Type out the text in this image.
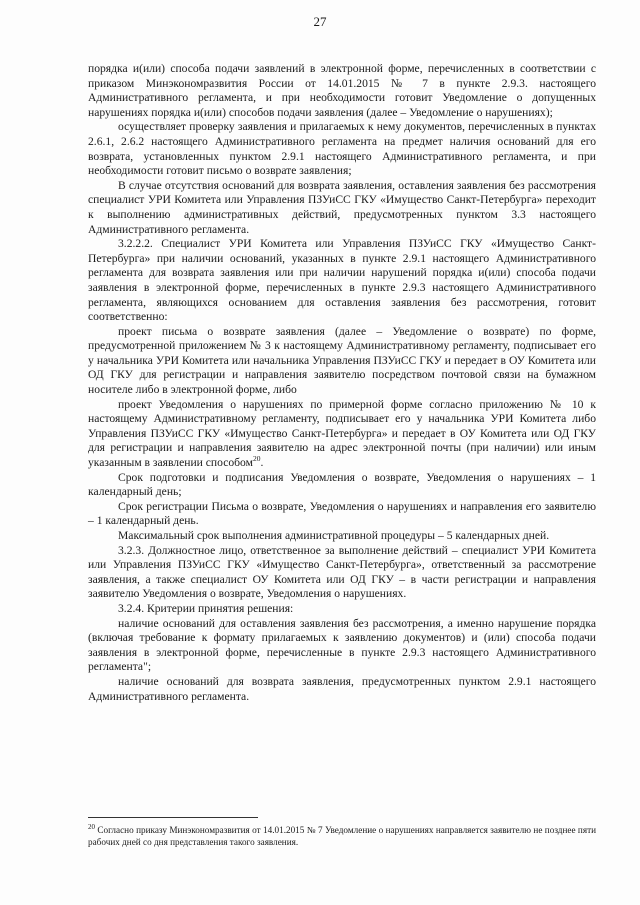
27

порядка и(или) способа подачи заявлений в электронной форме, перечисленных в соответствии с приказом Минэкономразвития России от 14.01.2015 № 7 в пункте 2.9.3. настоящего Административного регламента, и при необходимости готовит Уведомление о допущенных нарушениях порядка и(или) способов подачи заявления (далее – Уведомление о нарушениях);

осуществляет проверку заявления и прилагаемых к нему документов, перечисленных в пунктах 2.6.1, 2.6.2 настоящего Административного регламента на предмет наличия оснований для его возврата, установленных пунктом 2.9.1 настоящего Административного регламента, и при необходимости готовит письмо о возврате заявления;

В случае отсутствия оснований для возврата заявления, оставления заявления без рассмотрения специалист УРИ Комитета или Управления ПЗУиСС ГКУ «Имущество Санкт-Петербурга» переходит к выполнению административных действий, предусмотренных пунктом 3.3 настоящего Административного регламента.

3.2.2.2. Специалист УРИ Комитета или Управления ПЗУиСС ГКУ «Имущество Санкт-Петербурга» при наличии оснований, указанных в пункте 2.9.1 настоящего Административного регламента для возврата заявления или при наличии нарушений порядка и(или) способа подачи заявления в электронной форме, перечисленных в пункте 2.9.3 настоящего Административного регламента, являющихся основанием для оставления заявления без рассмотрения, готовит соответственно:

проект письма о возврате заявления (далее – Уведомление о возврате) по форме, предусмотренной приложением № 3 к настоящему Административному регламенту, подписывает его у начальника УРИ Комитета или начальника Управления ПЗУиСС ГКУ и передает в ОУ Комитета или ОД ГКУ для регистрации и направления заявителю посредством почтовой связи на бумажном носителе либо в электронной форме, либо

проект Уведомления о нарушениях по примерной форме согласно приложению № 10 к настоящему Административному регламенту, подписывает его у начальника УРИ Комитета либо Управления ПЗУиСС ГКУ «Имущество Санкт-Петербурга» и передает в ОУ Комитета или ОД ГКУ для регистрации и направления заявителю на адрес электронной почты (при наличии) или иным указанным в заявлении способом$^{20}$.

Срок подготовки и подписания Уведомления о возврате, Уведомления о нарушениях – 1 календарный день;

Срок регистрации Письма о возврате, Уведомления о нарушениях и направления его заявителю – 1 календарный день.

Максимальный срок выполнения административной процедуры – 5 календарных дней.

3.2.3. Должностное лицо, ответственное за выполнение действий – специалист УРИ Комитета или Управления ПЗУиСС ГКУ «Имущество Санкт-Петербурга», ответственный за рассмотрение заявления, а также специалист ОУ Комитета или ОД ГКУ – в части регистрации и направления заявителю Уведомления о возврате, Уведомления о нарушениях.

3.2.4. Критерии принятия решения:

наличие оснований для оставления заявления без рассмотрения, а именно нарушение порядка (включая требование к формату прилагаемых к заявлению документов) и (или) способа подачи заявления в электронной форме, перечисленные в пункте 2.9.3 настоящего Административного регламента";

наличие оснований для возврата заявления, предусмотренных пунктом 2.9.1 настоящего Административного регламента.

$^{20}$ Согласно приказу Минэкономразвития от 14.01.2015 № 7 Уведомление о нарушениях направляется заявителю не позднее пяти рабочих дней со дня представления такого заявления.
